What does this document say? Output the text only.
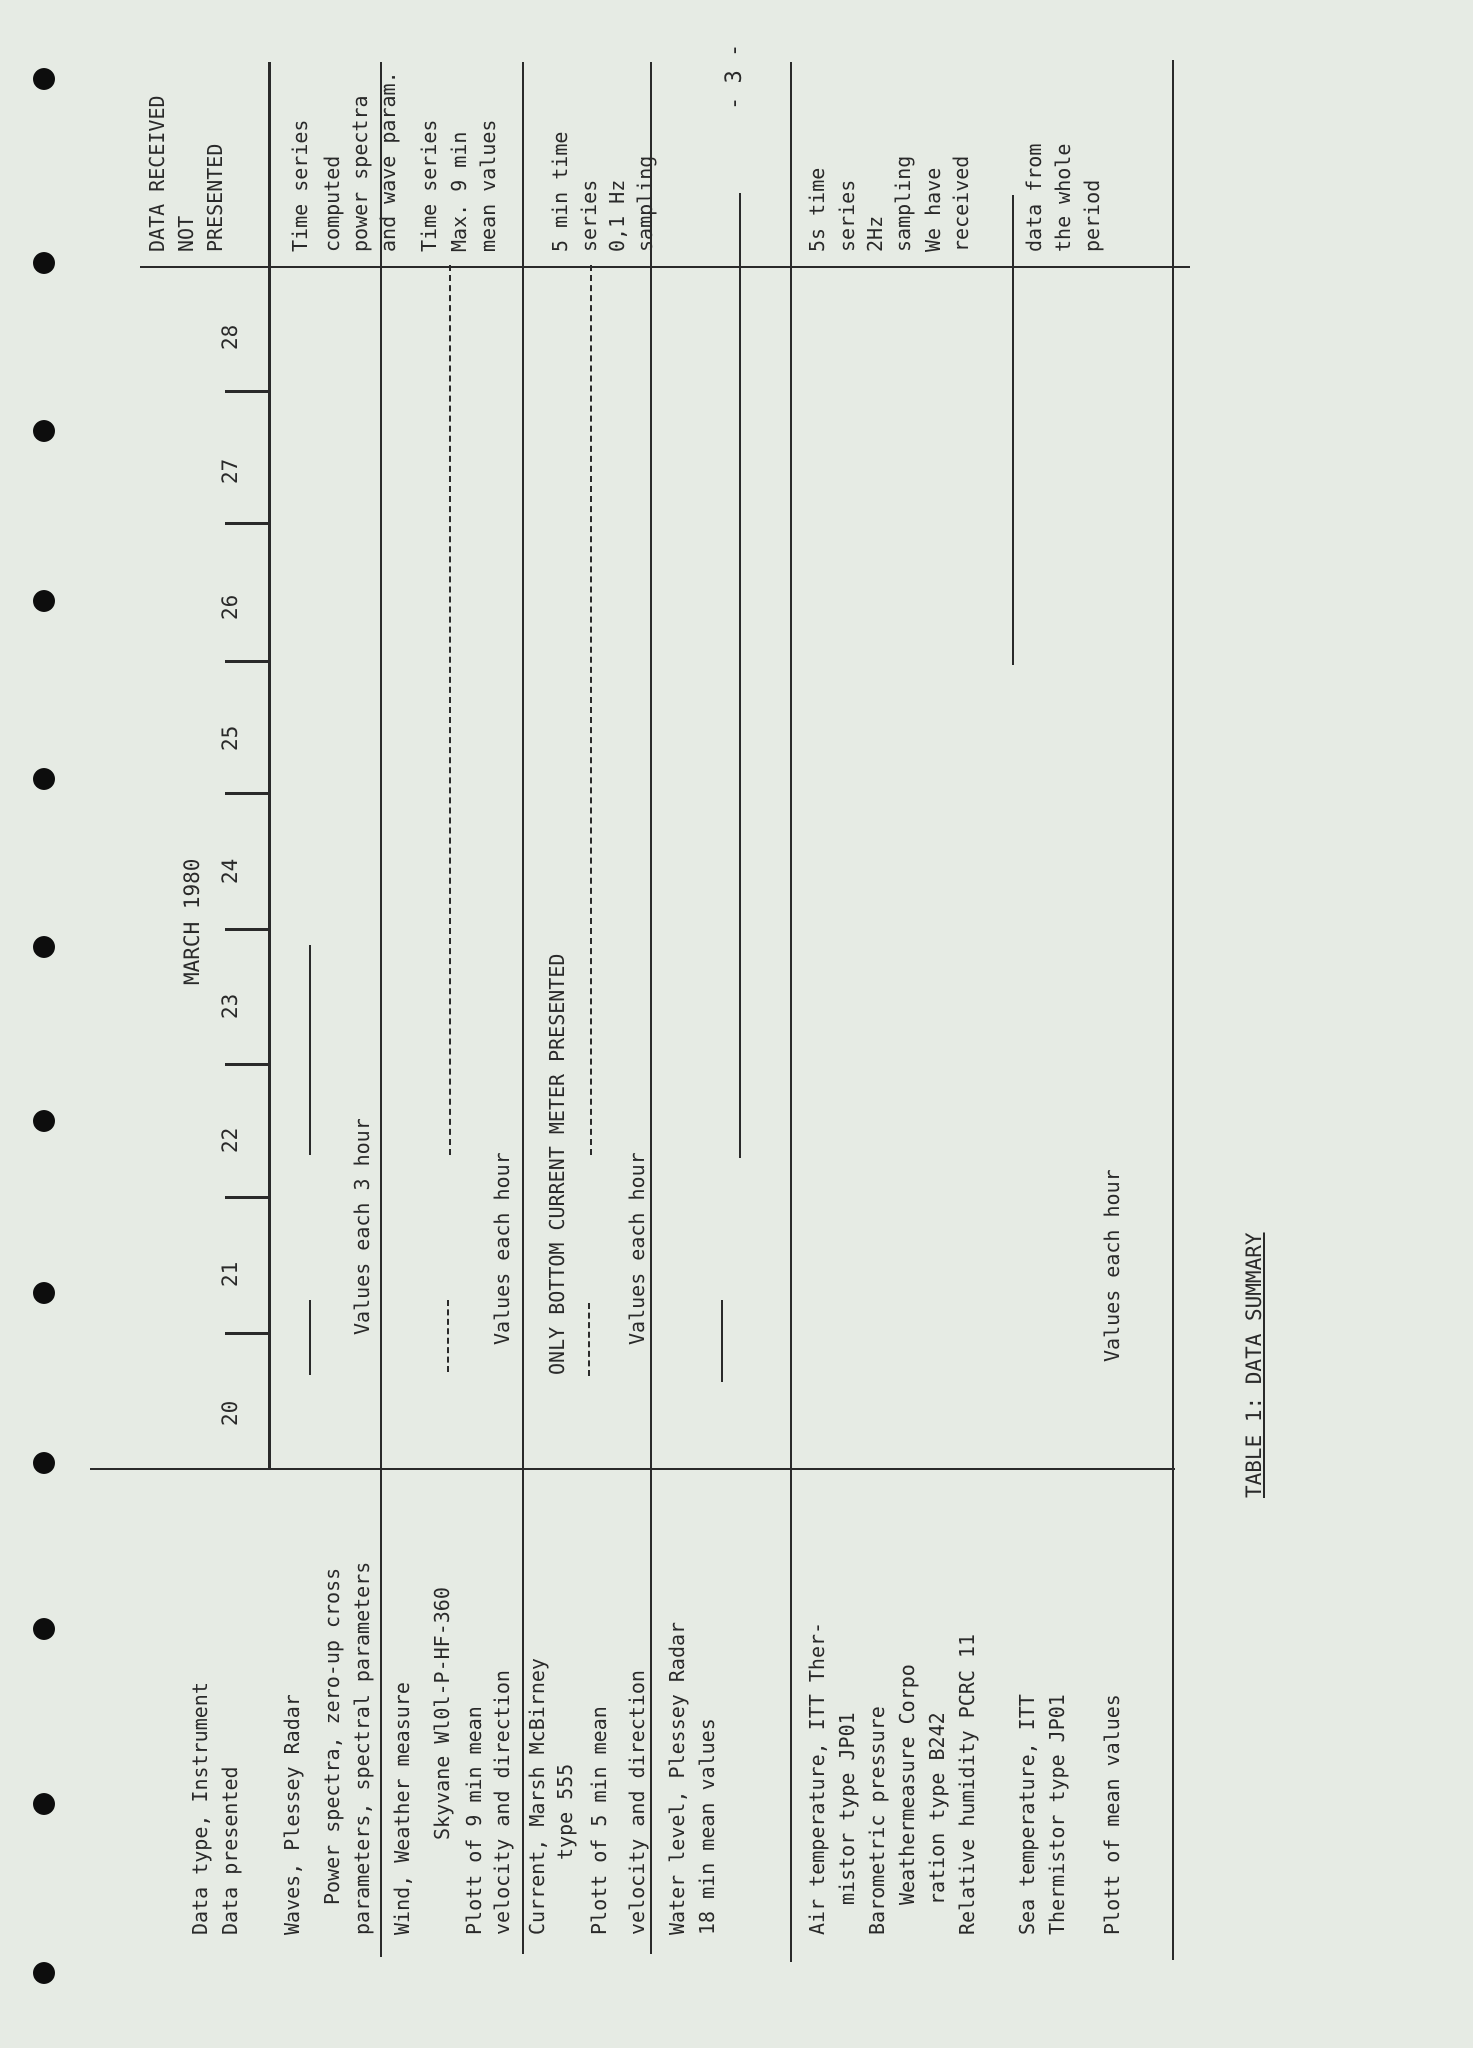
- 3 -
20
21
22
23
24
25
26
27
28
MARCH 1980
Data type, Instrument Data presented
DATA RECEIVED NOT PRESENTED
Waves, Plessey Radar Power spectra, zero-up cross parameters, spectral parameters
Values each 3 hour
Time series computed power spectra and wave param.
Wind, Weather measure Skyvane Wl0l-P-HF-360 Plott of 9 min mean velocity and direction
Values each hour
Time series Max. 9 min mean values
Current, Marsh McBirney type 555 Plott of 5 min mean velocity and direction
ONLY BOTTOM CURRENT METER PRESENTED	Values each hour
5 min time series 0,1 Hz sampling
Water level, Plessey Radar 18 min mean values	Air temperature, ITT Ther- mistor type JP01 Barometric pressure Weathermeasure Corpo ration type B242 Relative humidity PCRC 11 Sea temperature, ITT Thermistor type JP01 Plott of mean values
Values each hour
5s time series 2Hz sampling We have received data from the whole period
TABLE 1: DATA SUMMARY
